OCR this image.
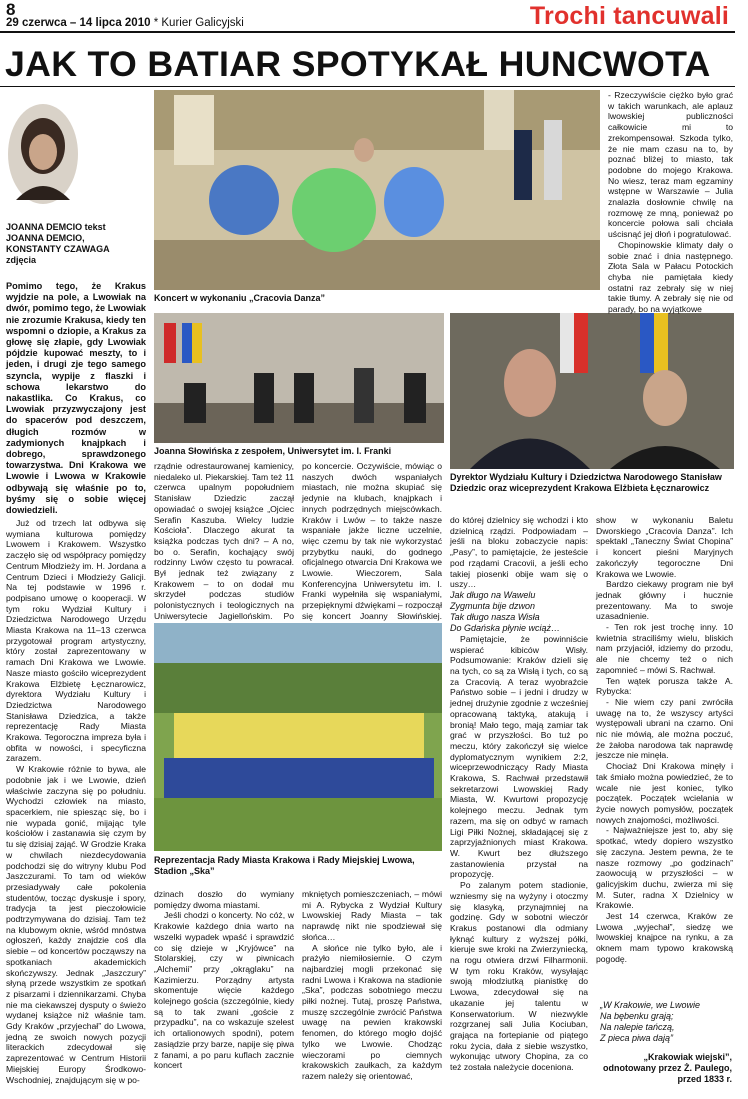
8
29 czerwca – 14 lipca 2010 * Kurier Galicyjski	Trochi tancuwali
JAK TO BATIAR SPOTYKAŁ HUNCWOTA
JOANNA DEMCIO tekst
JOANNA DEMCIO,
KONSTANTY CZAWAGA
zdjęcia

Pomimo tego, że Krakus wyjdzie na pole, a Lwowiak na dwór, pomimo tego, że Lwowiak nie zrozumie Krakusa, kiedy ten wspomni o dziopie, a Krakus za głowę się złapie, gdy Lwowiak pójdzie kupować meszty, to i jeden, i drugi zje tego samego szyncla, wypije z flaszki i schowa lekarstwo do nakastlika. Co Krakus, co Lwowiak przyzwyczajony jest do spacerów pod deszczem, długich rozmów w zadymionych knajpkach i dobrego, sprawdzonego towarzystwa. Dni Krakowa we Lwowie i Lwowa w Krakowie odbywają się właśnie po to, byśmy się o sobie więcej dowiedzieli.

Już od trzech lat odbywa się wymiana kulturowa pomiędzy Lwowem i Krakowem. Wszystko zaczęło się od współpracy pomiędzy Centrum Młodzieży im. H. Jordana a Centrum Dzieci i Młodzieży Galicji. Na tej podstawie w 1996 r. podpisano umowę o kooperacji. W tym roku Wydział Kultury i Dziedzictwa Narodowego Urzędu Miasta Krakowa na 11–13 czerwca przygotował program artystyczny, który został zaprezentowany w ramach Dni Krakowa we Lwowie. Nasze miasto gościło wiceprezydent Krakowa Elżbietę Łęcznarowicz, dyrektora Wydziału Kultury i Dziedzictwa Narodowego Stanisława Dziedzica, a także reprezentację Rady Miasta Krakowa. Tegoroczna impreza była i obfita w nowości, i specyficzna zarazem.

W Krakowie różnie to bywa, ale podobnie jak i we Lwowie, dzień właściwie zaczyna się po południu. Wychodzi człowiek na miasto, spacerkiem, nie spiesząc się, bo i nie wypada gonić, mijając tyle kościołów i zastanawia się czym by tu się dzisiaj zająć. W Grodzie Kraka w chwilach niezdecydowania podchodzi się do witryny klubu Pod Jaszczurami. To tam od wieków przesiadywały całe pokolenia studentów, tocząc dyskusje i spory, tradycja ta jest pieczołowicie podtrzymywana do dzisiaj. Tam też na klubowym oknie, wśród mnóstwa ogłoszeń, każdy znajdzie coś dla siebie – od koncertów począwszy na spotkaniach akademickich skończywszy. Jednak „Jaszczury” słyną przede wszystkim ze spotkań z pisarzami i dziennikarzami. Chyba nie ma ciekawszej dysputy o świeżo wydanej książce niż właśnie tam. Gdy Kraków „przyjechał” do Lwowa, jedną ze swoich nowych pozycji literackich zdecydował się zaprezentować w Centrum Historii Miejskiej Europy Środkowo-Wschodniej, znajdującym się w po-

Koncert w wykonaniu „Cracovia Danza”
Joanna Słowińska z zespołem, Uniwersytet im. I. Franki
Dyrektor Wydziału Kultury i Dziedzictwa Narodowego Stanisław Dziedzic oraz wiceprezydent Krakowa Elżbieta Łęcznarowicz

rządnie odrestaurowanej kamienicy, niedaleko ul. Piekarskiej. Tam też 11 czerwca upalnym popołudniem Stanisław Dziedzic zaczął opowiadać o swojej książce „Ojciec Serafin Kaszuba. Wielcy ludzie Kościoła”. Dlaczego akurat ta książka podczas tych dni? – A no, bo o. Serafin, kochający swój rodzinny Lwów często tu powracał. Był jednak też związany z Krakowem – to on dodał mu skrzydeł podczas studiów polonistycznych i teologicznych na Uniwersytecie Jagiellońskim. Po

po koncercie. Oczywiście, mówiąc o naszych dwóch wspaniałych miastach, nie można skupiać się jedynie na klubach, knajpkach i innych podrzędnych miejscówkach. Kraków i Lwów – to także nasze wspaniałe jakże liczne uczelnie, więc czemu by tak nie wykorzystać przybytku nauki, do godnego oficjalnego otwarcia Dni Krakowa we Lwowie. Wieczorem, Sala Konferencyjna Uniwersytetu im. I. Franki wypełniła się wspaniałymi, przepięknymi dźwiękami – rozpoczął się koncert Joanny Słowińskiej.

Reprezentacja Rady Miasta Krakowa i Rady Miejskiej Lwowa, Stadion „Ska”

dzinach doszło do wymiany pomiędzy dwoma miastami.

Jeśli chodzi o koncerty. No cóż, w Krakowie każdego dnia warto na wszelki wypadek wpaść i sprawdzić co się dzieje w „Kryjówce” na Stolarskiej, czy w piwnicach „Alchemii” przy „okrąglaku” na Kazimierzu. Porządny artysta skomentuje więcie każdego kolejnego gościa (szczególnie, kiedy są to tak zwani „goście z przypadku”, na co wskazuje szelest ich ortalionowych spodni), potem zasiądzie przy barze, napije się piwa z fanami, a po paru kuflach zacznie koncert

mkniętych pomieszczeniach, – mówi mi A. Rybycka z Wydział Kultury Lwowskiej Rady Miasta – tak naprawdę nikt nie spodziewał się słońca…

A słońce nie tylko było, ale i prażyło niemiłosiernie. O czym najbardziej mogli przekonać się radni Lwowa i Krakowa na stadionie „Ska”, podczas sobotniego meczu piłki nożnej. Tutaj, proszę Państwa, muszę szczególnie zwrócić Państwa uwagę na pewien krakowski fenomen, do którego mogło dojść tylko we Lwowie. Chodząc wieczorami po ciemnych krakowskich zaułkach, za każdym razem należy się orientować,

- Rzeczywiście ciężko było grać w takich warunkach, ale aplauz lwowskiej publiczności całkowicie mi to zrekompensował. Szkoda tylko, że nie mam czasu na to, by poznać bliżej to miasto, tak podobne do mojego Krakowa. No wiesz, teraz mam egzaminy wstępne w Warszawie – Julia znalazła dosłownie chwilę na rozmowę ze mną, ponieważ po koncercie połowa sali chciała uścisnąć jej dłoń i pogratulować.

Chopinowskie klimaty dały o sobie znać i dnia następnego. Złota Sala w Pałacu Potockich chyba nie pamiętała kiedy ostatni raz zebrały się w niej takie tłumy. A zebrały się nie od parady, bo na wyjątkowe

do której dzielnicy się wchodzi i kto dzielnicą rządzi. Podpowiadam – jeśli na bloku zobaczycie napis: „Pasy”, to pamiętajcie, że jesteście pod rządami Cracovii, a jeśli echo takiej piosenki obije wam się o uszy…

Jak długo na Wawelu
Zygmunta bije dzwon
Tak długo nasza Wisła
Do Gdańska płynie wciąż…

Pamiętajcie, że powinniście wspierać kibiców Wisły. Podsumowanie: Kraków dzieli się na tych, co są za Wisłą i tych, co są za Cracovią. A teraz wyobraźcie Państwo sobie – i jedni i drudzy w jednej drużynie zgodnie z wcześniej opracowaną taktyką, atakują i bronią! Mało tego, mają zamiar tak grać w przyszłości. Bo tuż po meczu, który zakończył się wielce dyplomatycznym wynikiem 2:2, wiceprzewodniczący Rady Miasta Krakowa, S. Rachwał przedstawił sekretarzowi Lwowskiej Rady Miasta, W. Kwurtowi propozycję kolejnego meczu. Jednak tym razem, ma się on odbyć w ramach Ligi Piłki Nożnej, składającej się z zaprzyjaźnionych miast Krakowa. W. Kwurt bez dłuższego zastanowienia przystał na propozycję.

Po zalanym potem stadionie, wzniesmy się na wyżyny i otoczmy się klasyką, przynajmniej na godzinę. Gdy w sobotni wieczór Krakus postanowi dla odmiany łyknąć kultury z wyższej półki, kieruje swe kroki na Zwierzyniecką, na rogu otwiera drzwi Filharmonii. W tym roku Kraków, wysyłając swoją młodziutką pianistkę do Lwowa, zdecydował się na ukazanie jej talentu w Konserwatorium. W niezwykle rozgrzanej sali Julia Kociuban, grająca na fortepianie od piątego roku życia, dała z siebie wszystko, wykonując utwory Chopina, za co też została należycie doceniona.

show w wykonaniu Baletu Dworskiego „Cracovia Danza”. Ich spektakl „Taneczny Świat Chopina” i koncert pieśni Maryjnych zakończyły tegoroczne Dni Krakowa we Lwowie.

Bardzo ciekawy program nie był jednak główny i hucznie prezentowany. Ma to swoje uzasadnienie.

- Ten rok jest trochę inny. 10 kwietnia straciliśmy wielu, bliskich nam przyjaciół, idziemy do przodu, ale nie chcemy też o nich zapomnieć – mówi S. Rachwał.

Ten wątek porusza także A. Rybycka:

- Nie wiem czy pani zwróciła uwagę na to, że wszyscy artyści występowali ubrani na czarno. Oni nic nie mówią, ale można poczuć, że żałoba narodowa tak naprawdę jeszcze nie minęła.

Chociaż Dni Krakowa minęły i tak śmiało można powiedzieć, że to wcale nie jest koniec, tylko początek. Początek wcielania w życie nowych pomysłów, początek nowych znajomości, możliwości.

- Najważniejsze jest to, aby się spotkać, wtedy dopiero wszystko się zaczyna. Jestem pewna, że te nasze rozmowy „po godzinach” zaowocują w przyszłości – w galicyjskim duchu, zwierza mi się M. Suter, radna X Dzielnicy w Krakowie.

Jest 14 czerwca, Kraków ze Lwowa „wyjechał”, siedzę we lwowskiej knajpce na rynku, a za oknem mam typowo krakowską pogodę.

„W Krakowie, we Lwowie
Na bębenku grają;
Na nalepie tańczą,
Z pieca piwa dają”
„Krakowiak wiejski”,
odnotowany przez Ż. Paulego,
przed 1833 r.
